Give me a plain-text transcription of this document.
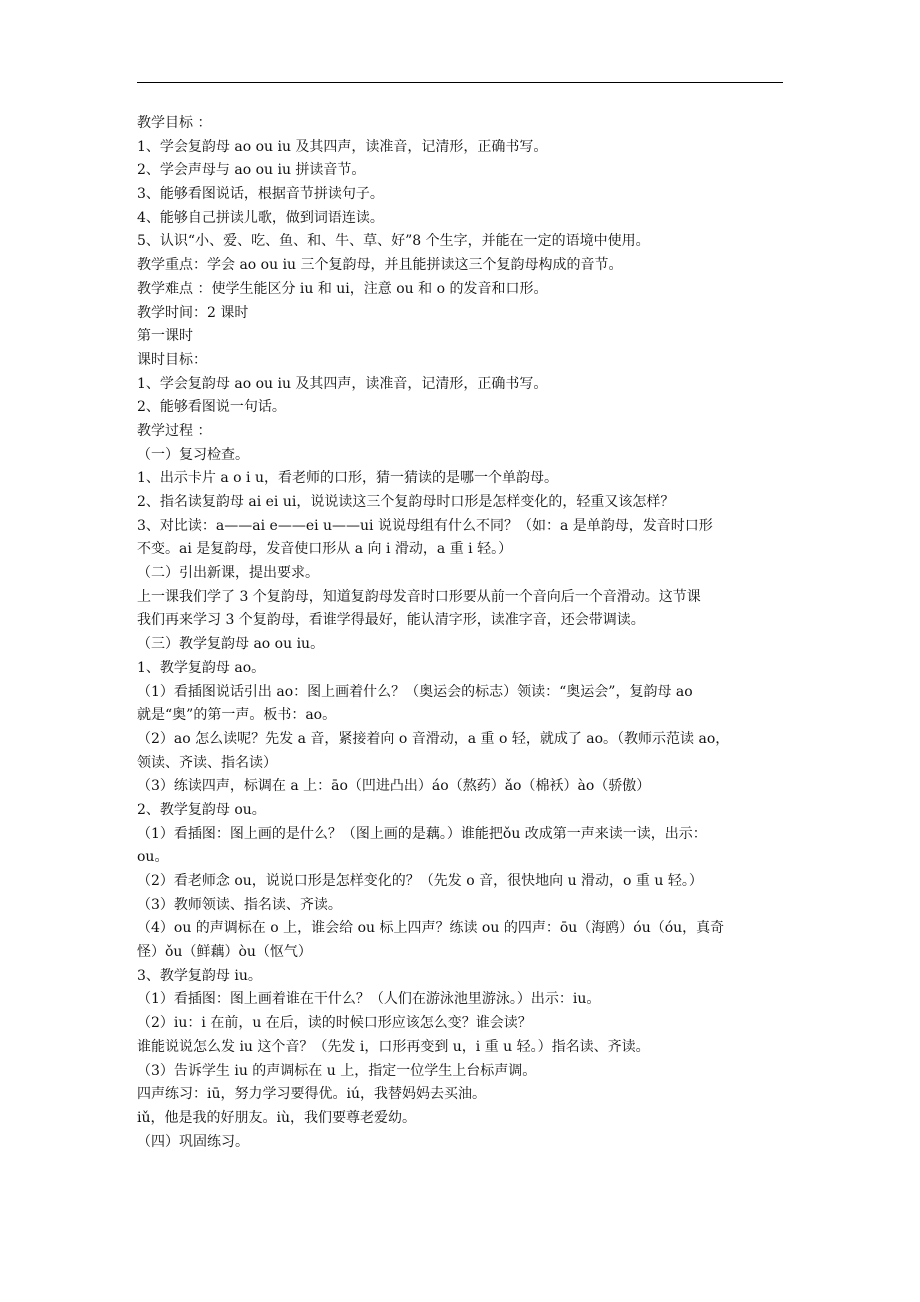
教学目标 ：
1、学会复韵母 ao ou iu 及其四声，读准音，记清形，正确书写。
2、学会声母与 ao ou iu 拼读音节。
3、能够看图说话，根据音节拼读句子。
4、能够自己拼读儿歌，做到词语连读。
5、认识“小、爱、吃、鱼、和、牛、草、好”8 个生字，并能在一定的语境中使用。
教学重点：学会 ao ou iu 三个复韵母，并且能拼读这三个复韵母构成的音节。
教学难点 ：使学生能区分 iu 和 ui，注意 ou 和 o 的发音和口形。
教学时间：2 课时
第一课时
课时目标：
1、学会复韵母 ao ou iu 及其四声，读准音，记清形，正确书写。
2、能够看图说一句话。
教学过程 ：
（一）复习检查。
1、出示卡片 a o i u，看老师的口形，猜一猜读的是哪一个单韵母。
2、指名读复韵母 ai ei ui，说说读这三个复韵母时口形是怎样变化的，轻重又该怎样？
3、对比读：a——ai e——ei u——ui 说说母组有什么不同？（如：a 是单韵母，发音时口形
不变。ai 是复韵母，发音使口形从 a 向 i 滑动，a 重 i 轻。）
（二）引出新课，提出要求。
上一课我们学了 3 个复韵母，知道复韵母发音时口形要从前一个音向后一个音滑动。这节课
我们再来学习 3 个复韵母，看谁学得最好，能认清字形，读准字音，还会带调读。
（三）教学复韵母 ao ou iu。
1、教学复韵母 ao。
（1）看插图说话引出 ao：图上画着什么？（奥运会的标志）领读：“奥运会”，复韵母 ao
就是“奥”的第一声。板书：ao。
（2）ao 怎么读呢？先发 a 音，紧接着向 o 音滑动，a 重 o 轻，就成了 ao。（教师示范读 ao，
领读、齐读、指名读）
（3）练读四声，标调在 a 上：āo（凹进凸出）áo（熬药）ǎo（棉袄）ào（骄傲）
2、教学复韵母 ou。
（1）看插图：图上画的是什么？（图上画的是藕。）谁能把ǒu 改成第一声来读一读，出示：
ou。
（2）看老师念 ou，说说口形是怎样变化的？（先发 o 音，很快地向 u 滑动，o 重 u 轻。）
（3）教师领读、指名读、齐读。
（4）ou 的声调标在 o 上，谁会给 ou 标上四声？练读 ou 的四声：ōu（海鸥）óu（óu，真奇
怪）ǒu（鲜藕）òu（怄气）
3、教学复韵母 iu。
（1）看插图：图上画着谁在干什么？（人们在游泳池里游泳。）出示：iu。
（2）iu：i 在前，u 在后，读的时候口形应该怎么变？谁会读？
谁能说说怎么发 iu 这个音？（先发 i，口形再变到 u，i 重 u 轻。）指名读、齐读。
（3）告诉学生 iu 的声调标在 u 上，指定一位学生上台标声调。
四声练习：iū，努力学习要得优。iú，我替妈妈去买油。
iǔ，他是我的好朋友。iù，我们要尊老爱幼。
（四）巩固练习。
